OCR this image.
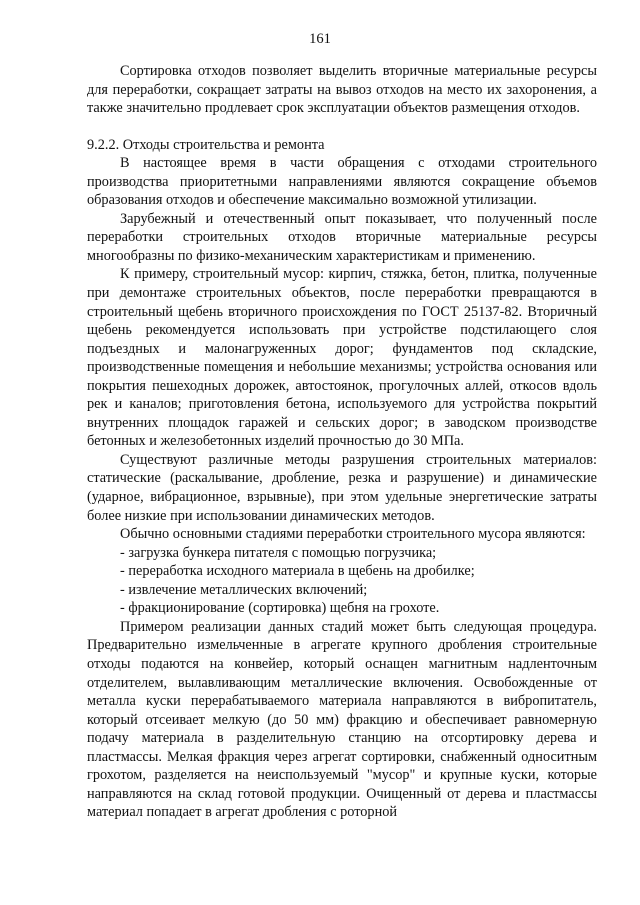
161

Сортировка отходов позволяет выделить вторичные материальные ресурсы для переработки, сокращает затраты на вывоз отходов на место их захоронения, а также значительно продлевает срок эксплуатации объектов размещения отходов.

9.2.2. Отходы строительства и ремонта

В настоящее время в части обращения с отходами строительного производства приоритетными направлениями являются сокращение объемов образования отходов и обеспечение максимально возможной утилизации.

Зарубежный и отечественный опыт показывает, что полученный после переработки строительных отходов вторичные материальные ресурсы многообразны по физико-механическим характеристикам и применению.

К примеру, строительный мусор: кирпич, стяжка, бетон, плитка, полученные при демонтаже строительных объектов, после переработки превращаются в строительный щебень вторичного происхождения по ГОСТ 25137-82. Вторичный щебень рекомендуется использовать при устройстве подстилающего слоя подъездных и малонагруженных дорог; фундаментов под складские, производственные помещения и небольшие механизмы; устройства основания или покрытия пешеходных дорожек, автостоянок, прогулочных аллей, откосов вдоль рек и каналов; приготовления бетона, используемого для устройства покрытий внутренних площадок гаражей и сельских дорог; в заводском производстве бетонных и железобетонных изделий прочностью до 30 МПа.

Существуют различные методы разрушения строительных материалов: статические (раскалывание, дробление, резка и разрушение) и динамические (ударное, вибрационное, взрывные), при этом удельные энергетические затраты более низкие при использовании динамических методов.

Обычно основными стадиями переработки строительного мусора являются:

- загрузка бункера питателя с помощью погрузчика;
- переработка исходного материала в щебень на дробилке;
- извлечение металлических включений;
- фракционирование (сортировка) щебня на грохоте.

Примером реализации данных стадий может быть следующая процедура. Предварительно измельченные в агрегате крупного дробления строительные отходы подаются на конвейер, который оснащен магнитным надленточным отделителем, вылавливающим металлические включения. Освобожденные от металла куски перерабатываемого материала направляются в вибропитатель, который отсеивает мелкую (до 50 мм) фракцию и обеспечивает равномерную подачу материала в разделительную станцию на отсортировку дерева и пластмассы. Мелкая фракция через агрегат сортировки, снабженный односитным грохотом, разделяется на неиспользуемый "мусор" и крупные куски, которые направляются на склад готовой продукции. Очищенный от дерева и пластмассы материал попадает в агрегат дробления с роторной
